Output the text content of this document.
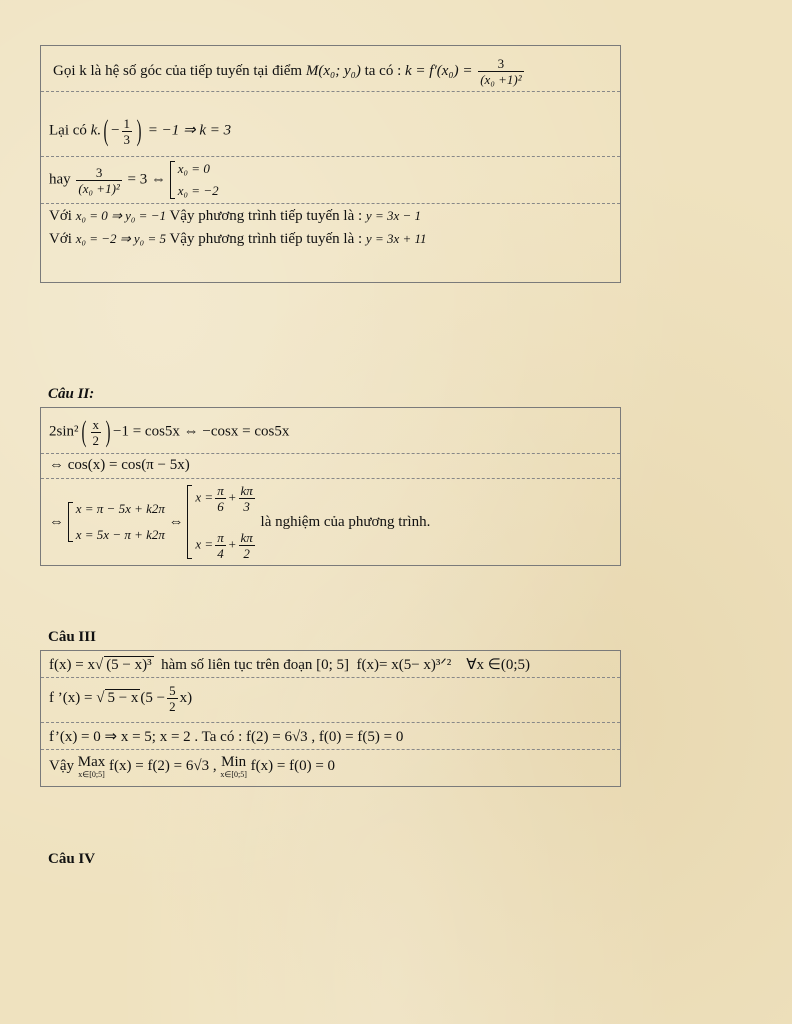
Gọi k là hệ số góc của tiếp tuyến tại điểm M(x₀; y₀) ta có : $k = f'(x_0) = \frac{3}{\text{(x₀ +1)²}}$
Lại có $k.( - \frac{1}{3}$ ) = −1 ⇒ k = 3
hay $\frac{3}{\text{(x₀ +1)²}} = 3$ ⇔
x₀ = 0
x₀ = −2
Với x₀ = 0 ⇒ y₀ = −1 Vậy phương trình tiếp tuyến là : y = 3x − 1
Với x₀ = −2 ⇒ y₀ = 5 Vậy phương trình tiếp tuyến là : y = 3x + 11
Câu II:
$2\sin^2( \frac{x}{2}$ ) −1 = cos5x ⇔ −cosx = cos5x
⇔ cos(x) = cos(π − 5x)
⇔
x = π − 5x + k2π
x = 5x − π + k2π
⇔
$x = \frac{\pi}{6} + \frac{k\pi}{3}$
$x = \frac{\pi}{4} + \frac{k\pi}{2}$
là nghiệm của phương trình.
Câu III
f(x) = x√ (5 − x)³ hàm số liên tục trên đoạn [0; 5] f(x)= x(5− x)³ᐟ² ∀x ∈(0;5)
f ’(x) = √ 5 − x $(5 - \frac{5}{2} x)$
f’(x) = 0 ⇒ x = 5; x = 2 . Ta có : f(2) = 6√3 , f(0) = f(5) = 0
Vậy Max
x∈[0;5]
f(x) = f(2) = 6√3 , Min
x∈[0;5]
f(x) = f(0) = 0
Câu IV
